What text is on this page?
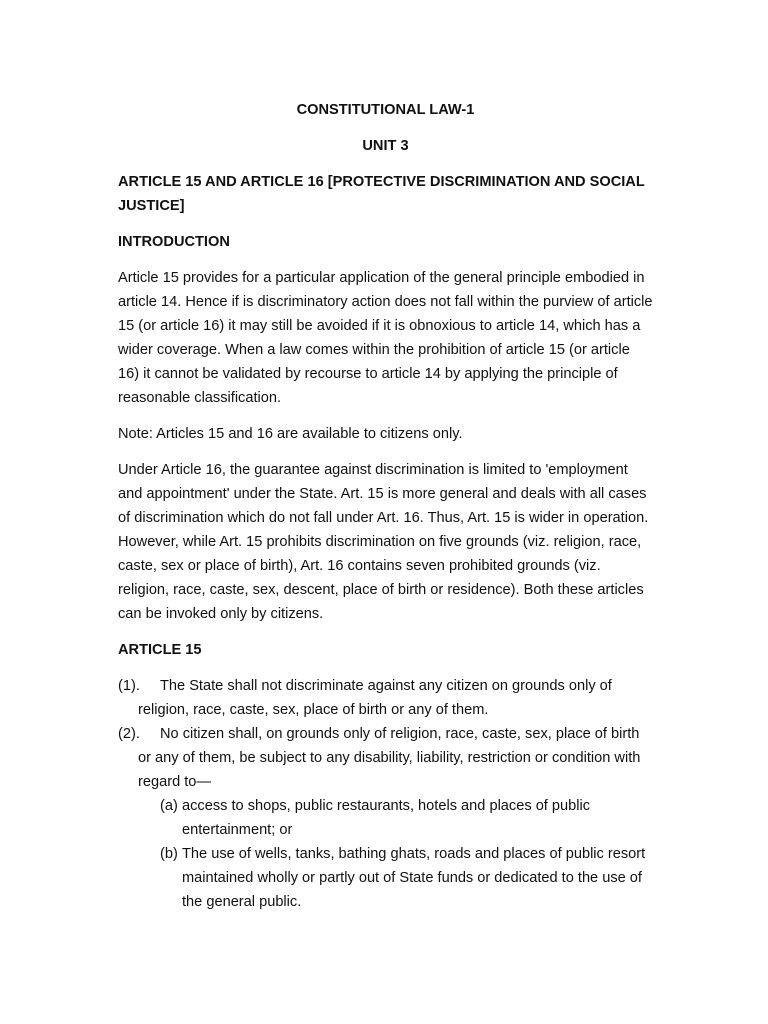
CONSTITUTIONAL LAW-1
UNIT 3
ARTICLE 15 AND ARTICLE 16 [PROTECTIVE DISCRIMINATION AND SOCIAL JUSTICE]
INTRODUCTION

Article 15 provides for a particular application of the general principle embodied in article 14. Hence if is discriminatory action does not fall within the purview of article 15 (or article 16) it may still be avoided if it is obnoxious to article 14, which has a wider coverage. When a law comes within the prohibition of article 15 (or article 16) it cannot be validated by recourse to article 14 by applying the principle of reasonable classification.

Note: Articles 15 and 16 are available to citizens only.

Under Article 16, the guarantee against discrimination is limited to 'employment and appointment' under the State. Art. 15 is more general and deals with all cases of discrimination which do not fall under Art. 16. Thus, Art. 15 is wider in operation. However, while Art. 15 prohibits discrimination on five grounds (viz. religion, race, caste, sex or place of birth), Art. 16 contains seven prohibited grounds (viz. religion, race, caste, sex, descent, place of birth or residence). Both these articles can be invoked only by citizens.

ARTICLE 15
(1). The State shall not discriminate against any citizen on grounds only of religion, race, caste, sex, place of birth or any of them.
(2). No citizen shall, on grounds only of religion, race, caste, sex, place of birth or any of them, be subject to any disability, liability, restriction or condition with regard to—
(a) access to shops, public restaurants, hotels and places of public entertainment; or
(b) The use of wells, tanks, bathing ghats, roads and places of public resort maintained wholly or partly out of State funds or dedicated to the use of the general public.
